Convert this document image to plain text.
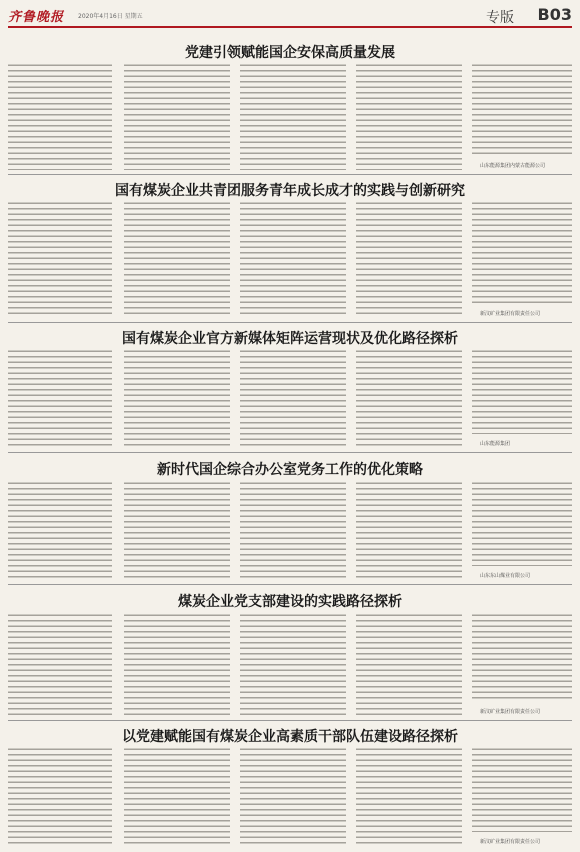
齐鲁晚报 2020年4月16日 星期五	专版 B03
党建引领赋能国企安保高质量发展
山东能源集团内蒙古能源公司
国有煤炭企业共青团服务青年成长成才的实践与创新研究
新汶矿业集团有限责任公司
国有煤炭企业官方新媒体矩阵运营现状及优化路径探析
山东能源集团
新时代国企综合办公室党务工作的优化策略
山东东山煤业有限公司
煤炭企业党支部建设的实践路径探析
新汶矿业集团有限责任公司
以党建赋能国有煤炭企业高素质干部队伍建设路径探析
新汶矿业集团有限责任公司
